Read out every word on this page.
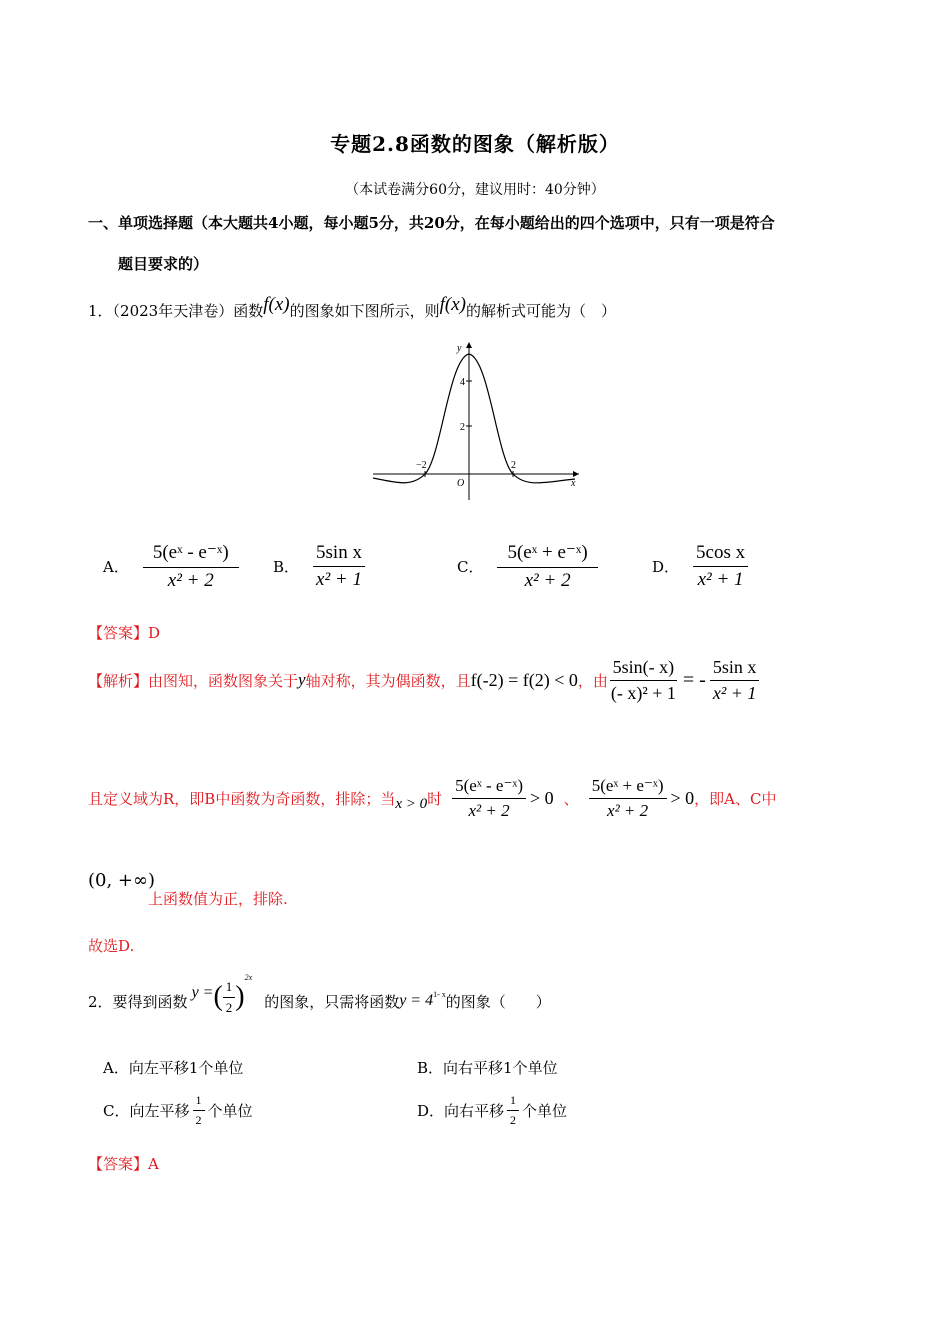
专题2.8函数的图象（解析版）
（本试卷满分60分，建议用时：40分钟）
一、单项选择题（本大题共4小题，每小题5分，共20分，在每小题给出的四个选项中，只有一项是符合
题目要求的）
1．（2023年天津卷）函数f(x)的图象如下图所示，则f(x)的解析式可能为（　）
y
x
O
4
2
−2	2
A． $\frac{\text{5(eˣ - e⁻ˣ)}}{\text{x² + 2}}$ B． $\frac{\text{5sin x}}{\text{x² + 1}}$	C． $\frac{\text{5(eˣ + e⁻ˣ)}}{\text{x² + 2}}$	D． $\frac{\text{5cos x}}{\text{x² + 1}}$
【答案】D
【解析】 由图知，函数图象关于 y 轴对称，其为偶函数，且 f(-2) = f(2) < 0 ，由 $\frac{5\sin(- x)}{\text{(- x)² + 1}}$ = - $\frac{\text{5sin x}}{\text{x² + 1}}$
且定义域为R，即B中函数为奇函数，排除；当 x > 0 时 $\frac{\text{5(eˣ - e⁻ˣ)}}{\text{x² + 2}} > 0$ 、 $\frac{\text{5(eˣ + e⁻ˣ)}}{\text{x² + 2}} > 0$ ，即A、C中
(0, +∞)
上函数值为正，排除.
故选D.
2． 要得到函数 y = ( $\frac{1}{2}$ )
2x
的图象，只需将函数 y = 4 1- x 的图象（　　）
A．向左平移1个单位	B．向右平移1个单位
C． 向左平移 $\frac{1}{2}$ 个单位	D． 向右平移 $\frac{1}{2}$ 个单位
【答案】A
